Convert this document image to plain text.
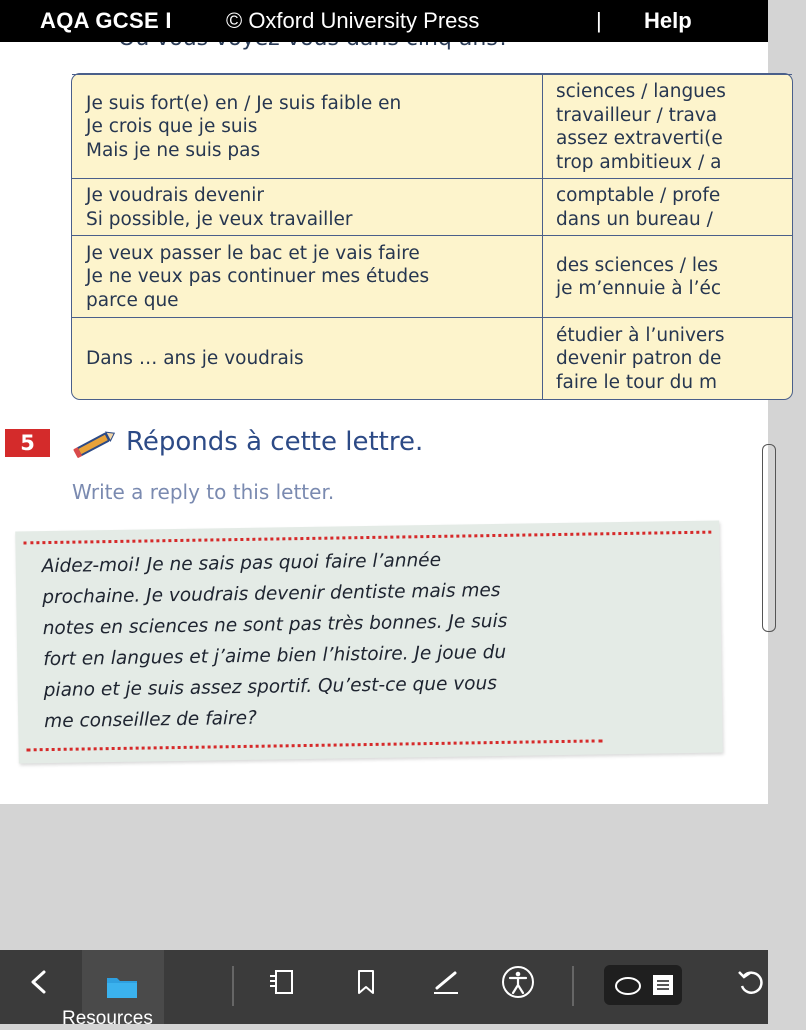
AQA GCSE I © Oxford University Press	| Help
Je suis fort(e) en / Je suis faible en
Je crois que je suis
Mais je ne suis pas
sciences / langues
travailleur / trava
assez extraverti(e
trop ambitieux / a
Je voudrais devenir
Si possible, je veux travailler
comptable / profe
dans un bureau /
Je veux passer le bac et je vais faire
Je ne veux pas continuer mes études
parce que
des sciences / les
je m’ennuie à l’éc
Dans … ans je voudrais
étudier à l’univers
devenir patron de
faire le tour du m
5	Réponds à cette lettre.
Write a reply to this letter.
Aidez-moi! Je ne sais pas quoi faire l’année
prochaine. Je voudrais devenir dentiste mais mes
notes en sciences ne sont pas très bonnes. Je suis
fort en langues et j’aime bien l’histoire. Je joue du
piano et je suis assez sportif. Qu’est-ce que vous
me conseillez de faire?
Resources
